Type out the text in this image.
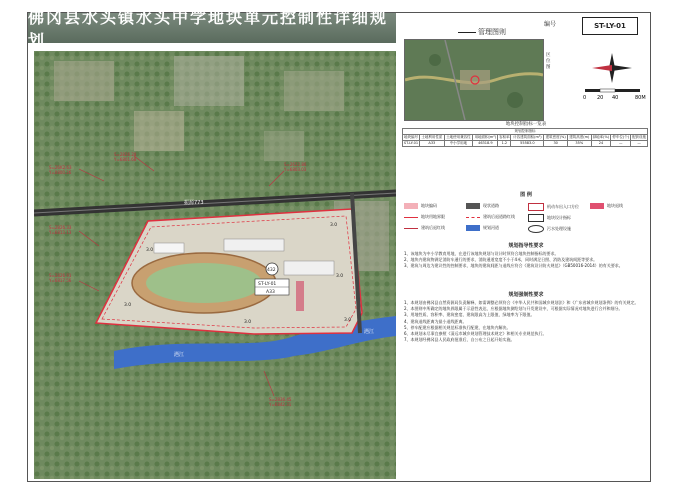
佛冈县水头镇水头中学地块单元控制性详细规划	管理图则
S=26K2.63
Y=0800.26
S=2826.28
Y=6801.68
S=2622.86
Y=6803.03
S=2826.33
Y=6813.13
S=2826.91
Y=6817.56
S=2836.45
Y=6842.31
3.0
3.0
3.0
3.0
3.0
3.0
振源773
潖江
潖江
432
ST-LY-01
A33
编号	ST-LY-01
区位图
0 20 40	80M
地块控制指标一览表
规划控制指标										
地块编号	土地利用性质	土地使用兼容性	用地面积(m²)	容积率	计容建筑面积(m²)	建筑密度(%)	建筑高度(m)	绿地率(%)	停车位(个)	配套设施
ST-LY-01	A33	中小学用地	46318.9	1.2	55583.0	30	35%	24	—	—
图 例
地块编码	现状道路	机动车出入口方位	地块退线
地块用地界限	建筑后退道路红线	地块设计指标
建筑后退红线	规划河道	污水处理设施
规划指导性要求

1、该地块为中小学教育用地，在进行该地块规划与设计时须符合地块控制指标的要求。

2、地块内建筑物满足消防车通行的要求，消防通道宽度不小于4米，同时满足日照、消防及建筑间距等要求。

3、建筑与周边为建议性的控制要求，地块的建筑间距与退线应符合《建筑设计防火规范》（GB50016-2014）的有关要求。

规划强制性要求

1、本规划由佛冈县自然资源局负责解释，如需调整必须符合《中华人民共和国城乡规划法》和《广东省城乡规划条例》的有关规定。

2、本图则中所确定的地块界限属于示意性表达，应根据地块测绘划与开发建设中，可根据实际情况对地块进行合并和细分。

3、用地性质、容积率、建筑密度、建筑限高为上限值，绿地率为下限值。

4、建筑退线距离为最小退线距离。

5、停车配建应根据相关规范标准执行配建，在地块内解决。

6、本规划未尽事宜参照《清远市城乡规划管理技术规定》和相关专业规范执行。

7、本规划经佛冈县人民政府批准后，自公布之日起开始实施。
